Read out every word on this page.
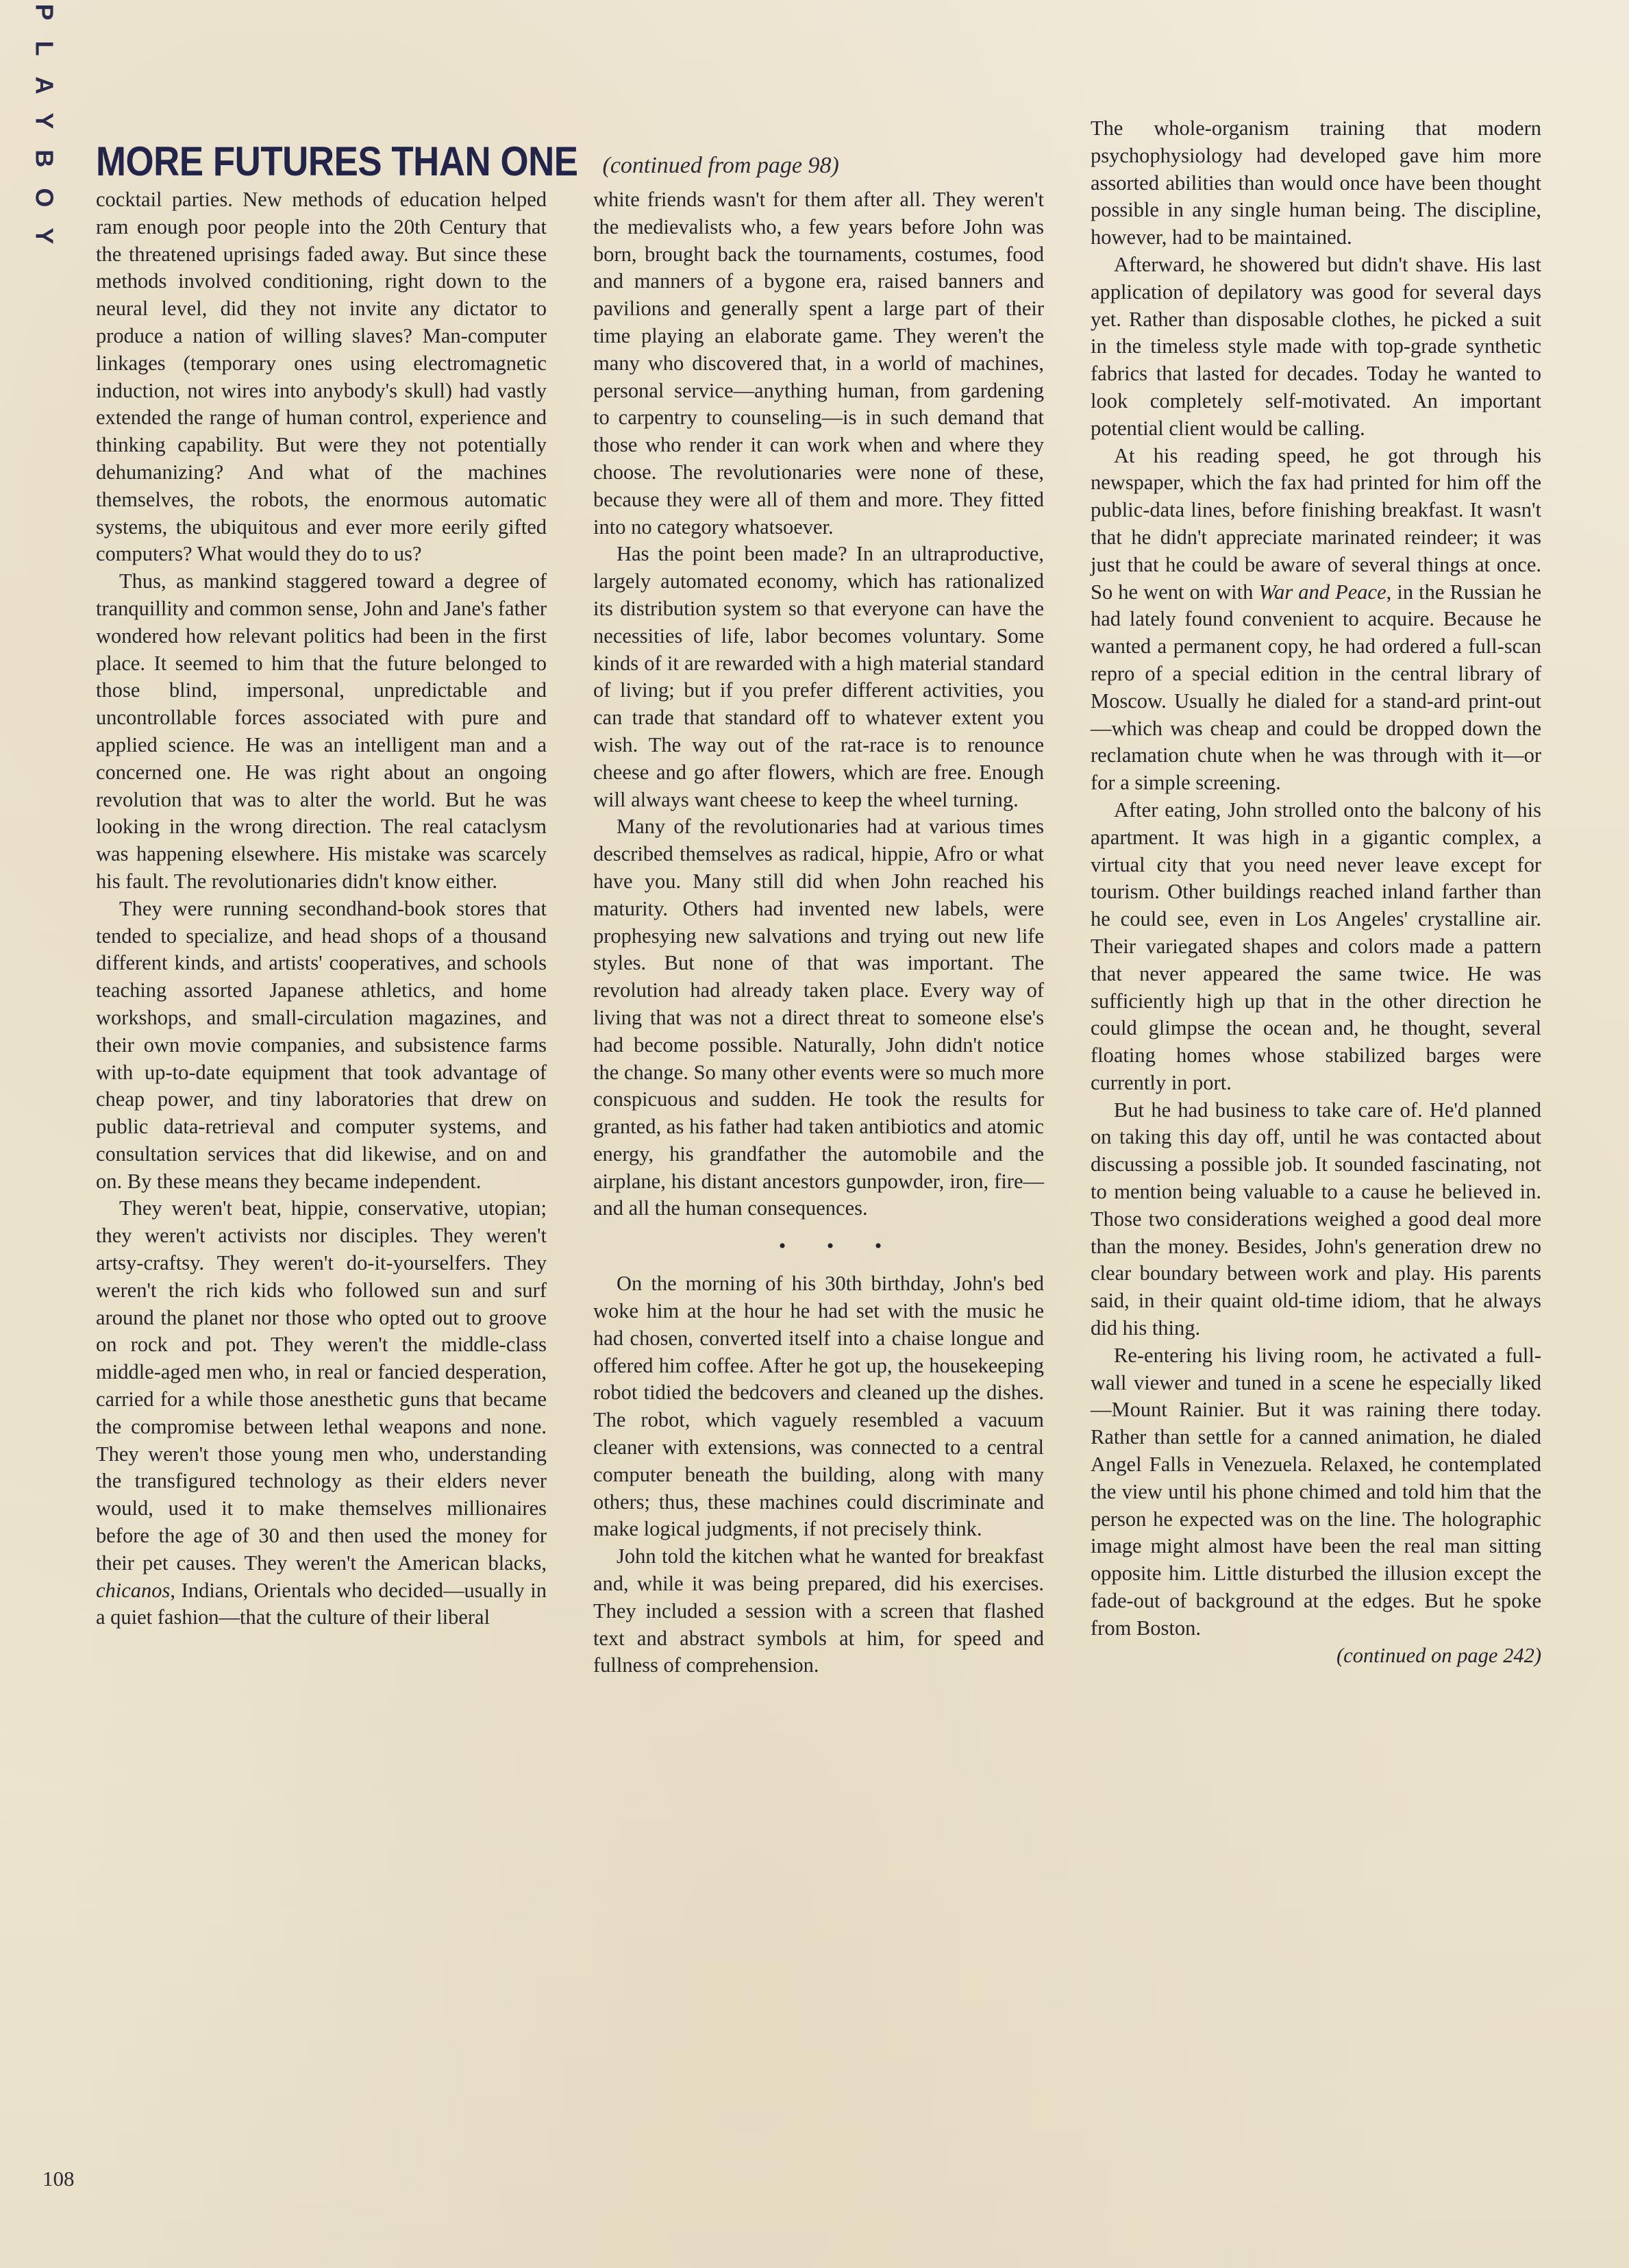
PLAYBOY MORE FUTURES THAN ONE (continued from page 98)

cocktail parties. New methods of education helped ram enough poor people into the 20th Century that the threatened uprisings faded away. But since these methods involved conditioning, right down to the neural level, did they not invite any dictator to produce a nation of willing slaves? Man-computer linkages (temporary ones using electromagnetic induction, not wires into anybody's skull) had vastly extended the range of human control, experience and thinking capability. But were they not potentially dehumanizing? And what of the machines themselves, the robots, the enormous automatic systems, the ubiquitous and ever more eerily gifted computers? What would they do to us?

Thus, as mankind staggered toward a degree of tranquillity and common sense, John and Jane's father wondered how relevant politics had been in the first place. It seemed to him that the future belonged to those blind, impersonal, unpredictable and uncontrollable forces associated with pure and applied science. He was an intelligent man and a concerned one. He was right about an ongoing revolution that was to alter the world. But he was looking in the wrong direction. The real cataclysm was happening elsewhere. His mistake was scarcely his fault. The revolutionaries didn't know either.

They were running secondhand-book stores that tended to specialize, and head shops of a thousand different kinds, and artists' cooperatives, and schools teaching assorted Japanese athletics, and home workshops, and small-circulation magazines, and their own movie companies, and subsistence farms with up-to-date equipment that took advantage of cheap power, and tiny laboratories that drew on public data-retrieval and computer systems, and consultation services that did likewise, and on and on. By these means they became independent.

They weren't beat, hippie, conservative, utopian; they weren't activists nor disciples. They weren't artsy-craftsy. They weren't do-it-yourselfers. They weren't the rich kids who followed sun and surf around the planet nor those who opted out to groove on rock and pot. They weren't the middle-class middle-aged men who, in real or fancied desperation, carried for a while those anesthetic guns that became the compromise between lethal weapons and none. They weren't those young men who, understanding the transfigured technology as their elders never would, used it to make themselves millionaires before the age of 30 and then used the money for their pet causes. They weren't the American blacks, chicanos, Indians, Orientals who decided—usually in a quiet fashion—that the culture of their liberal

white friends wasn't for them after all. They weren't the medievalists who, a few years before John was born, brought back the tournaments, costumes, food and manners of a bygone era, raised banners and pavilions and generally spent a large part of their time playing an elaborate game. They weren't the many who discovered that, in a world of machines, personal service—anything human, from gardening to carpentry to counseling—is in such demand that those who render it can work when and where they choose. The revolutionaries were none of these, because they were all of them and more. They fitted into no category whatsoever.

Has the point been made? In an ultraproductive, largely automated economy, which has rationalized its distribution system so that everyone can have the necessities of life, labor becomes voluntary. Some kinds of it are rewarded with a high material standard of living; but if you prefer different activities, you can trade that standard off to whatever extent you wish. The way out of the rat-race is to renounce cheese and go after flowers, which are free. Enough will always want cheese to keep the wheel turning.

Many of the revolutionaries had at various times described themselves as radical, hippie, Afro or what have you. Many still did when John reached his maturity. Others had invented new labels, were prophesying new salvations and trying out new life styles. But none of that was important. The revolution had already taken place. Every way of living that was not a direct threat to someone else's had become possible. Naturally, John didn't notice the change. So many other events were so much more conspicuous and sudden. He took the results for granted, as his father had taken antibiotics and atomic energy, his grandfather the automobile and the airplane, his distant ancestors gunpowder, iron, fire—and all the human consequences.

• • •

On the morning of his 30th birthday, John's bed woke him at the hour he had set with the music he had chosen, converted itself into a chaise longue and offered him coffee. After he got up, the housekeeping robot tidied the bedcovers and cleaned up the dishes. The robot, which vaguely resembled a vacuum cleaner with extensions, was connected to a central computer beneath the building, along with many others; thus, these machines could discriminate and make logical judgments, if not precisely think.

John told the kitchen what he wanted for breakfast and, while it was being prepared, did his exercises. They included a session with a screen that flashed text and abstract symbols at him, for speed and fullness of comprehension.

The whole-organism training that modern psychophysiology had developed gave him more assorted abilities than would once have been thought possible in any single human being. The discipline, however, had to be maintained.

Afterward, he showered but didn't shave. His last application of depilatory was good for several days yet. Rather than disposable clothes, he picked a suit in the timeless style made with top-grade synthetic fabrics that lasted for decades. Today he wanted to look completely self-motivated. An important potential client would be calling.

At his reading speed, he got through his newspaper, which the fax had printed for him off the public-data lines, before finishing breakfast. It wasn't that he didn't appreciate marinated reindeer; it was just that he could be aware of several things at once. So he went on with War and Peace, in the Russian he had lately found convenient to acquire. Because he wanted a permanent copy, he had ordered a full-scan repro of a special edition in the central library of Moscow. Usually he dialed for a stand-ard print-out—which was cheap and could be dropped down the reclamation chute when he was through with it—or for a simple screening.

After eating, John strolled onto the balcony of his apartment. It was high in a gigantic complex, a virtual city that you need never leave except for tourism. Other buildings reached inland farther than he could see, even in Los Angeles' crystalline air. Their variegated shapes and colors made a pattern that never appeared the same twice. He was sufficiently high up that in the other direction he could glimpse the ocean and, he thought, several floating homes whose stabilized barges were currently in port.

But he had business to take care of. He'd planned on taking this day off, until he was contacted about discussing a possible job. It sounded fascinating, not to mention being valuable to a cause he believed in. Those two considerations weighed a good deal more than the money. Besides, John's generation drew no clear boundary between work and play. His parents said, in their quaint old-time idiom, that he always did his thing.

Re-entering his living room, he activated a full-wall viewer and tuned in a scene he especially liked—Mount Rainier. But it was raining there today. Rather than settle for a canned animation, he dialed Angel Falls in Venezuela. Relaxed, he contemplated the view until his phone chimed and told him that the person he expected was on the line. The holographic image might almost have been the real man sitting opposite him. Little disturbed the illusion except the fade-out of background at the edges. But he spoke from Boston.

(continued on page 242)

108
